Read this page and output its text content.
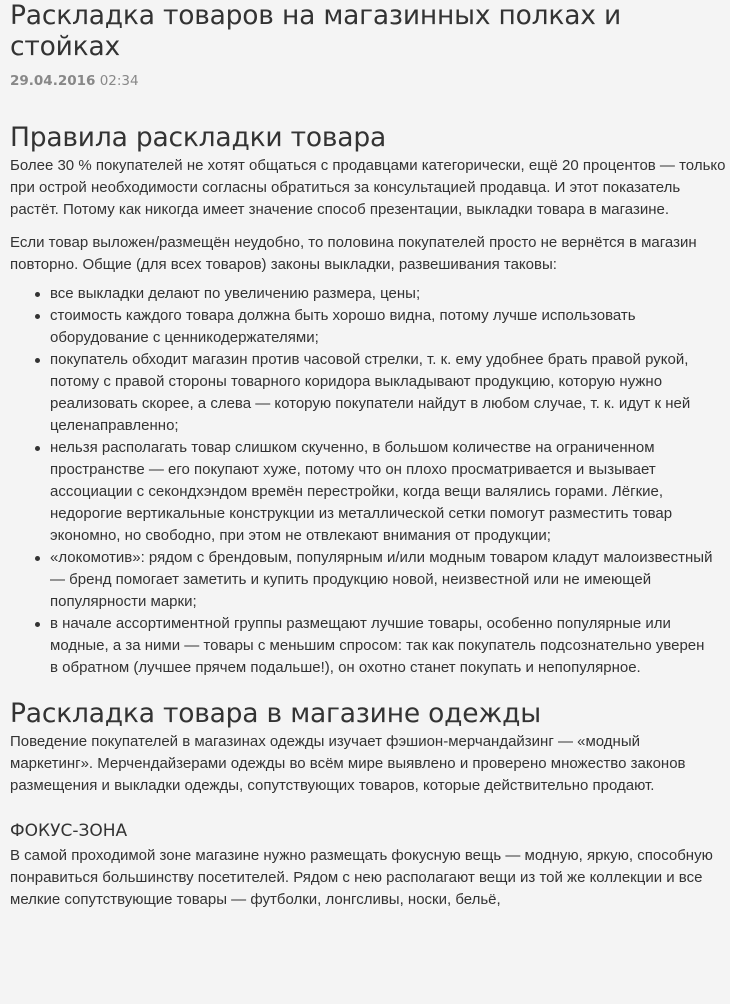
Раскладка товаров на магазинных полках и стойках
29.04.2016 02:34
Правила раскладки товара

Более 30 % покупателей не хотят общаться с продавцами категорически, ещё 20 процентов — только при острой необходимости согласны обратиться за консультацией продавца. И этот показатель растёт. Потому как никогда имеет значение способ презентации, выкладки товара в магазине.

Если товар выложен/размещён неудобно, то половина покупателей просто не вернётся в магазин повторно. Общие (для всех товаров) законы выкладки, развешивания таковы:

все выкладки делают по увеличению размера, цены;
стоимость каждого товара должна быть хорошо видна, потому лучше использовать оборудование с ценникодержателями;
покупатель обходит магазин против часовой стрелки, т. к. ему удобнее брать правой рукой, потому с правой стороны товарного коридора выкладывают продукцию, которую нужно реализовать скорее, а слева — которую покупатели найдут в любом случае, т. к. идут к ней целенаправленно;
нельзя располагать товар слишком скученно, в большом количестве на ограниченном пространстве — его покупают хуже, потому что он плохо просматривается и вызывает ассоциации с секондхэндом времён перестройки, когда вещи валялись горами. Лёгкие, недорогие вертикальные конструкции из металлической сетки помогут разместить товар экономно, но свободно, при этом не отвлекают внимания от продукции;
«локомотив»: рядом с брендовым, популярным и/или модным товаром кладут малоизвестный — бренд помогает заметить и купить продукцию новой, неизвестной или не имеющей популярности марки;
в начале ассортиментной группы размещают лучшие товары, особенно популярные или модные, а за ними — товары с меньшим спросом: так как покупатель подсознательно уверен в обратном (лучшее прячем подальше!), он охотно станет покупать и непопулярное.
Раскладка товара в магазине одежды

Поведение покупателей в магазинах одежды изучает фэшион-мерчандайзинг — «модный маркетинг». Мерчендайзерами одежды во всём мире выявлено и проверено множество законов размещения и выкладки одежды, сопутствующих товаров, которые действительно продают.

ФОКУС-ЗОНА

В самой проходимой зоне магазине нужно размещать фокусную вещь — модную, яркую, способную понравиться большинству посетителей. Рядом с нею располагают вещи из той же коллекции и все мелкие сопутствующие товары — футболки, лонгсливы, носки, бельё,
